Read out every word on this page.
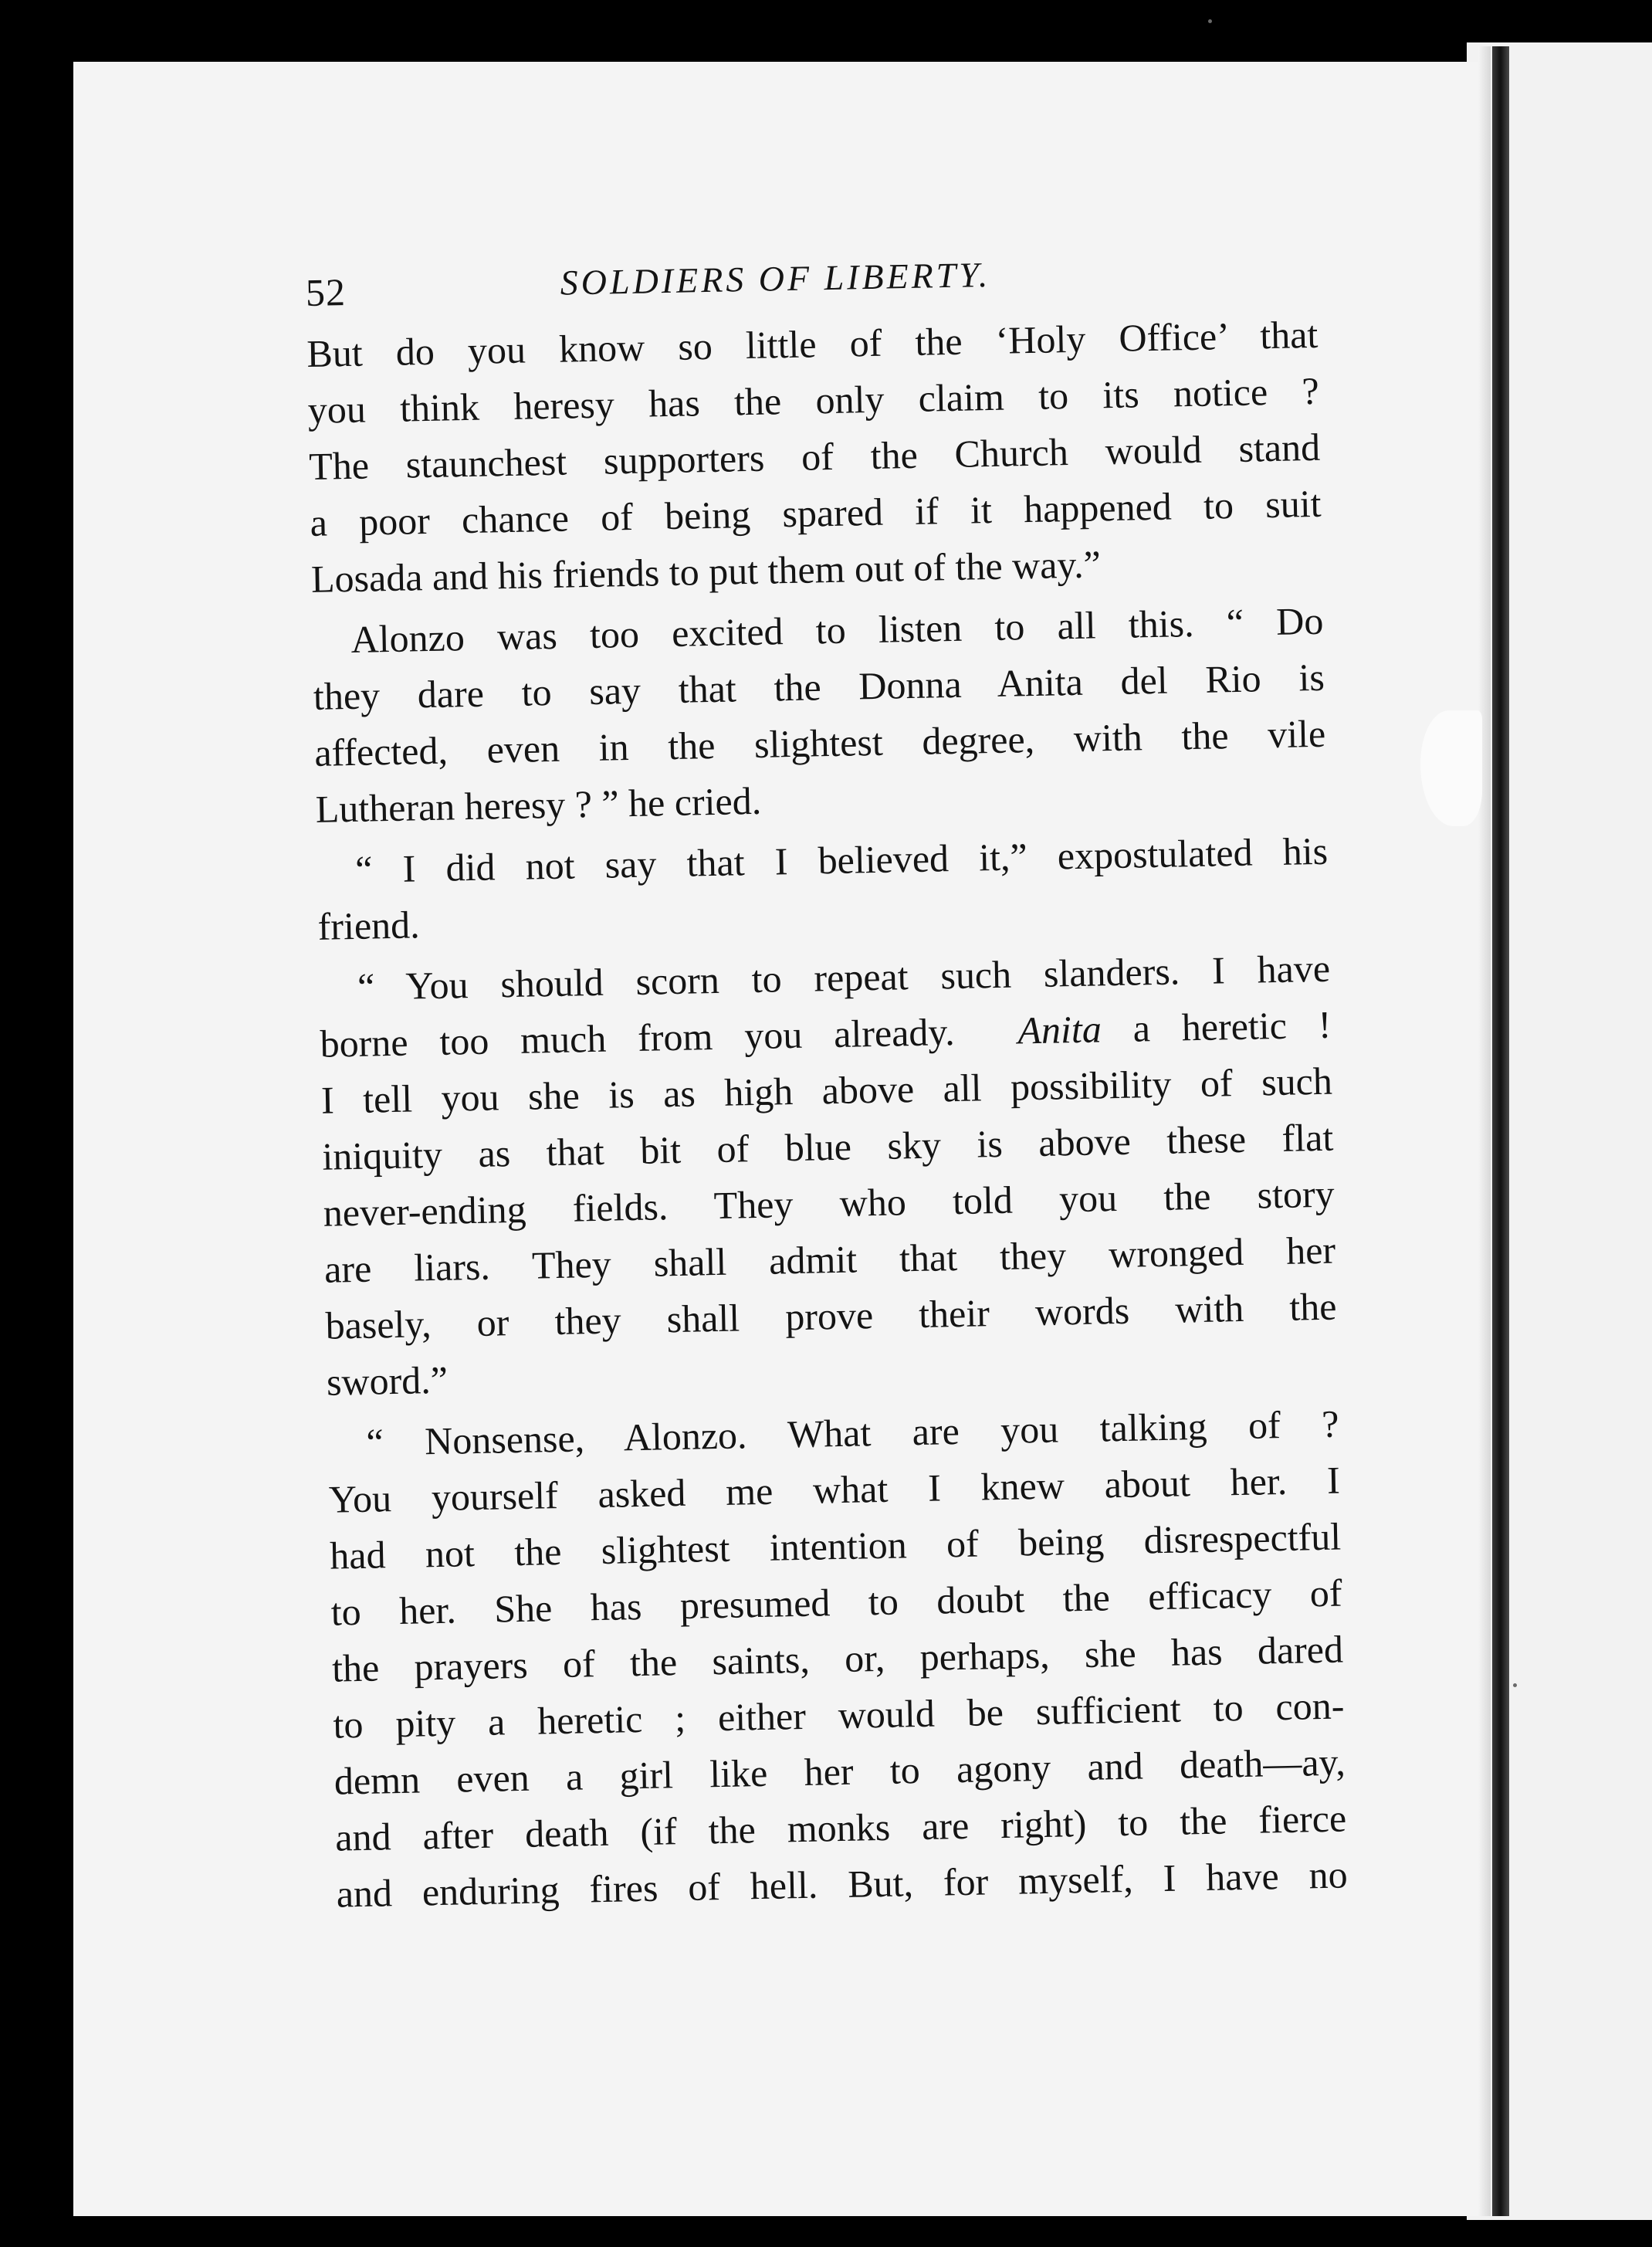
52	SOLDIERS OF LIBERTY.
But do you know so little of the ‘Holy Office’ that
you think heresy has the only claim to its notice ?
The staunchest supporters of the Church would stand
a poor chance of being spared if it happened to suit
Losada and his friends to put them out of the way.”
Alonzo was too excited to listen to all this. “ Do
they dare to say that the Donna Anita del Rio is
affected, even in the slightest degree, with the vile
Lutheran heresy ? ” he cried.
“ I did not say that I believed it,” expostulated his
friend.
“ You should scorn to repeat such slanders. I have
borne too much from you already. Anita a heretic !
I tell you she is as high above all possibility of such
iniquity as that bit of blue sky is above these flat
never-ending fields. They who told you the story
are liars. They shall admit that they wronged her
basely, or they shall prove their words with the
sword.”
“ Nonsense, Alonzo. What are you talking of ?
You yourself asked me what I knew about her. I
had not the slightest intention of being disrespectful
to her. She has presumed to doubt the efficacy of
the prayers of the saints, or, perhaps, she has dared
to pity a heretic ; either would be sufficient to con-
demn even a girl like her to agony and death—ay,
and after death (if the monks are right) to the fierce
and enduring fires of hell. But, for myself, I have no
